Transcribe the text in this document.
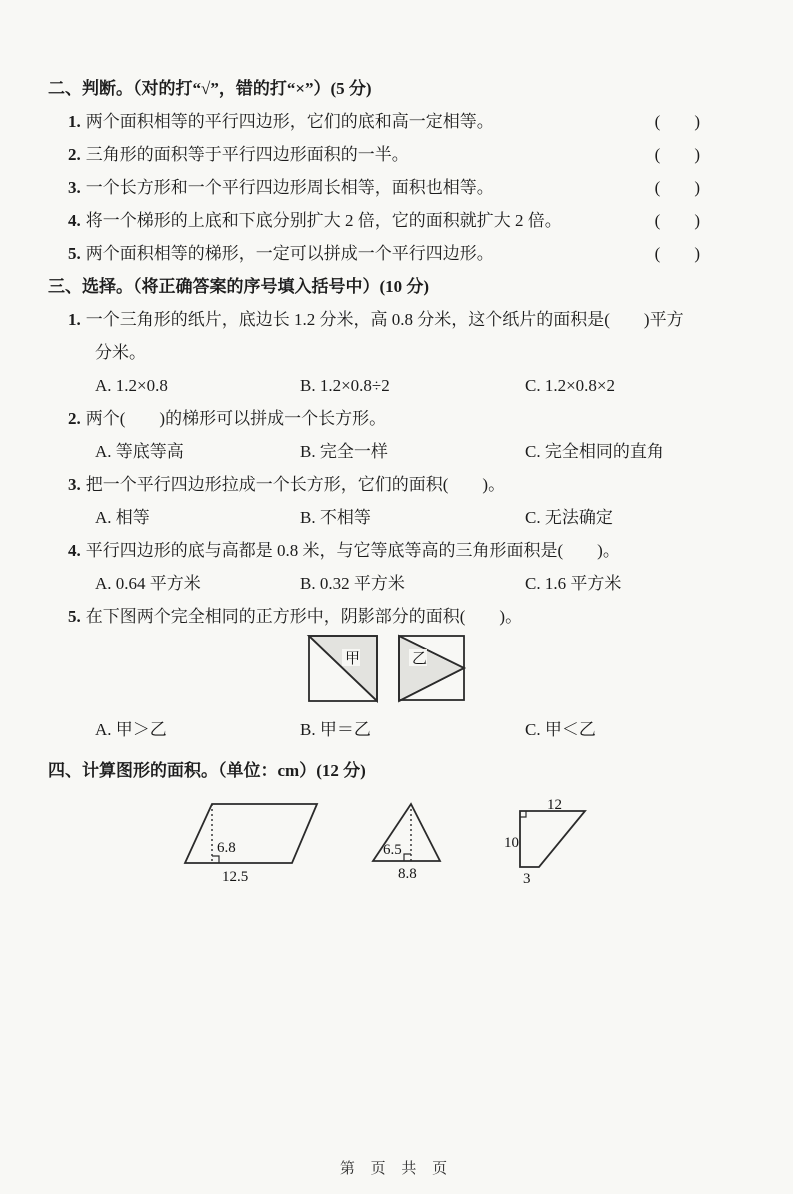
二、判断。（对的打“√”，错的打“×”）(5 分)
1. 两个面积相等的平行四边形，它们的底和高一定相等。	(　　)
2. 三角形的面积等于平行四边形面积的一半。	(　　)
3. 一个长方形和一个平行四边形周长相等，面积也相等。	(　　)
4. 将一个梯形的上底和下底分别扩大 2 倍，它的面积就扩大 2 倍。	(　　)
5. 两个面积相等的梯形，一定可以拼成一个平行四边形。	(　　)
三、选择。（将正确答案的序号填入括号中）(10 分)
1. 一个三角形的纸片，底边长 1.2 分米，高 0.8 分米，这个纸片的面积是(　　)平方
分米。
A. 1.2×0.8	B. 1.2×0.8÷2	C. 1.2×0.8×2
2. 两个(　　)的梯形可以拼成一个长方形。
A. 等底等高	B. 完全一样	C. 完全相同的直角
3. 把一个平行四边形拉成一个长方形，它们的面积(　　)。
A. 相等	B. 不相等	C. 无法确定
4. 平行四边形的底与高都是 0.8 米，与它等底等高的三角形面积是(　　)。
A. 0.64 平方米	B. 0.32 平方米	C. 1.6 平方米
5. 在下图两个完全相同的正方形中，阴影部分的面积(　　)。
甲	乙
A. 甲＞乙	B. 甲＝乙	C. 甲＜乙
四、计算图形的面积。（单位：cm）(12 分)
6.8
12.5
6.5
8.8
12
10
3
第 页 共 页
